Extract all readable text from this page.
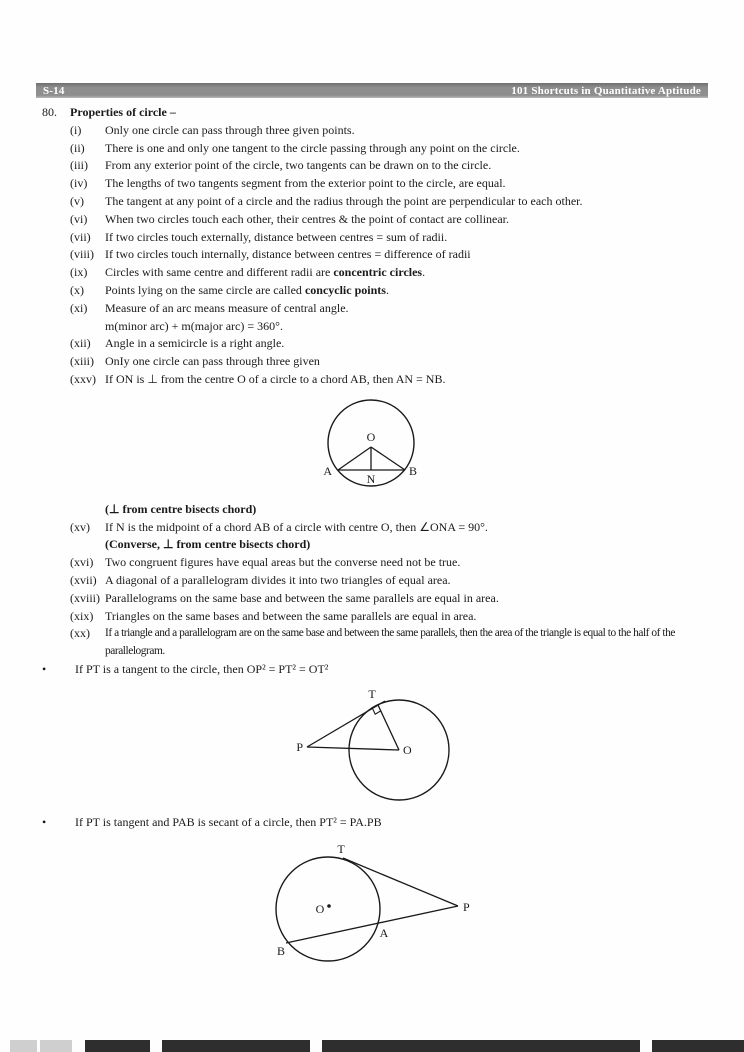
S-14	101 Shortcuts in Quantitative Aptitude
80.	Properties of circle –
(i)	Only one circle can pass through three given points.
(ii)	There is one and only one tangent to the circle passing through any point on the circle.
(iii)	From any exterior point of the circle, two tangents can be drawn on to the circle.
(iv)	The lengths of two tangents segment from the exterior point to the circle, are equal.
(v)	The tangent at any point of a circle and the radius through the point are perpendicular to each other.
(vi)	When two circles touch each other, their centres & the point of contact are collinear.
(vii)	If two circles touch externally, distance between centres = sum of radii.
(viii) If two circles touch internally, distance between centres = difference of radii
(ix)	Circles with same centre and different radii are concentric circles.
(x)	Points lying on the same circle are called concyclic points.
(xi)	Measure of an arc means measure of central angle.
m(minor arc) + m(major arc) = 360°.
(xii)	Angle in a semicircle is a right angle.
(xiii) OnIy one circle can pass through three given
(xxv) If ON is ⊥ from the centre O of a circle to a chord AB, then AN = NB.
(⊥ from centre bisects chord)
(xv)	If N is the midpoint of a chord AB of a circle with centre O, then ∠ONA = 90°.
(Converse, ⊥ from centre bisects chord)
(xvi) Two congruent figures have equal areas but the converse need not be true.
(xvii) A diagonal of a parallelogram divides it into two triangles of equal area.
(xviii) Parallelograms on the same base and between the same parallels are equal in area.
(xix) Triangles on the same bases and between the same parallels are equal in area.
(xx)	If a triangle and a parallelogram are on the same base and between the same parallels, then the area of the triangle is equal to the half of the parallelogram.
•	If PT is a tangent to the circle, then OP² = PT² = OT²
•	If PT is tangent and PAB is secant of a circle, then PT² = PA.PB
O
A
N
B
T
P	O
O
T
P
A
B
